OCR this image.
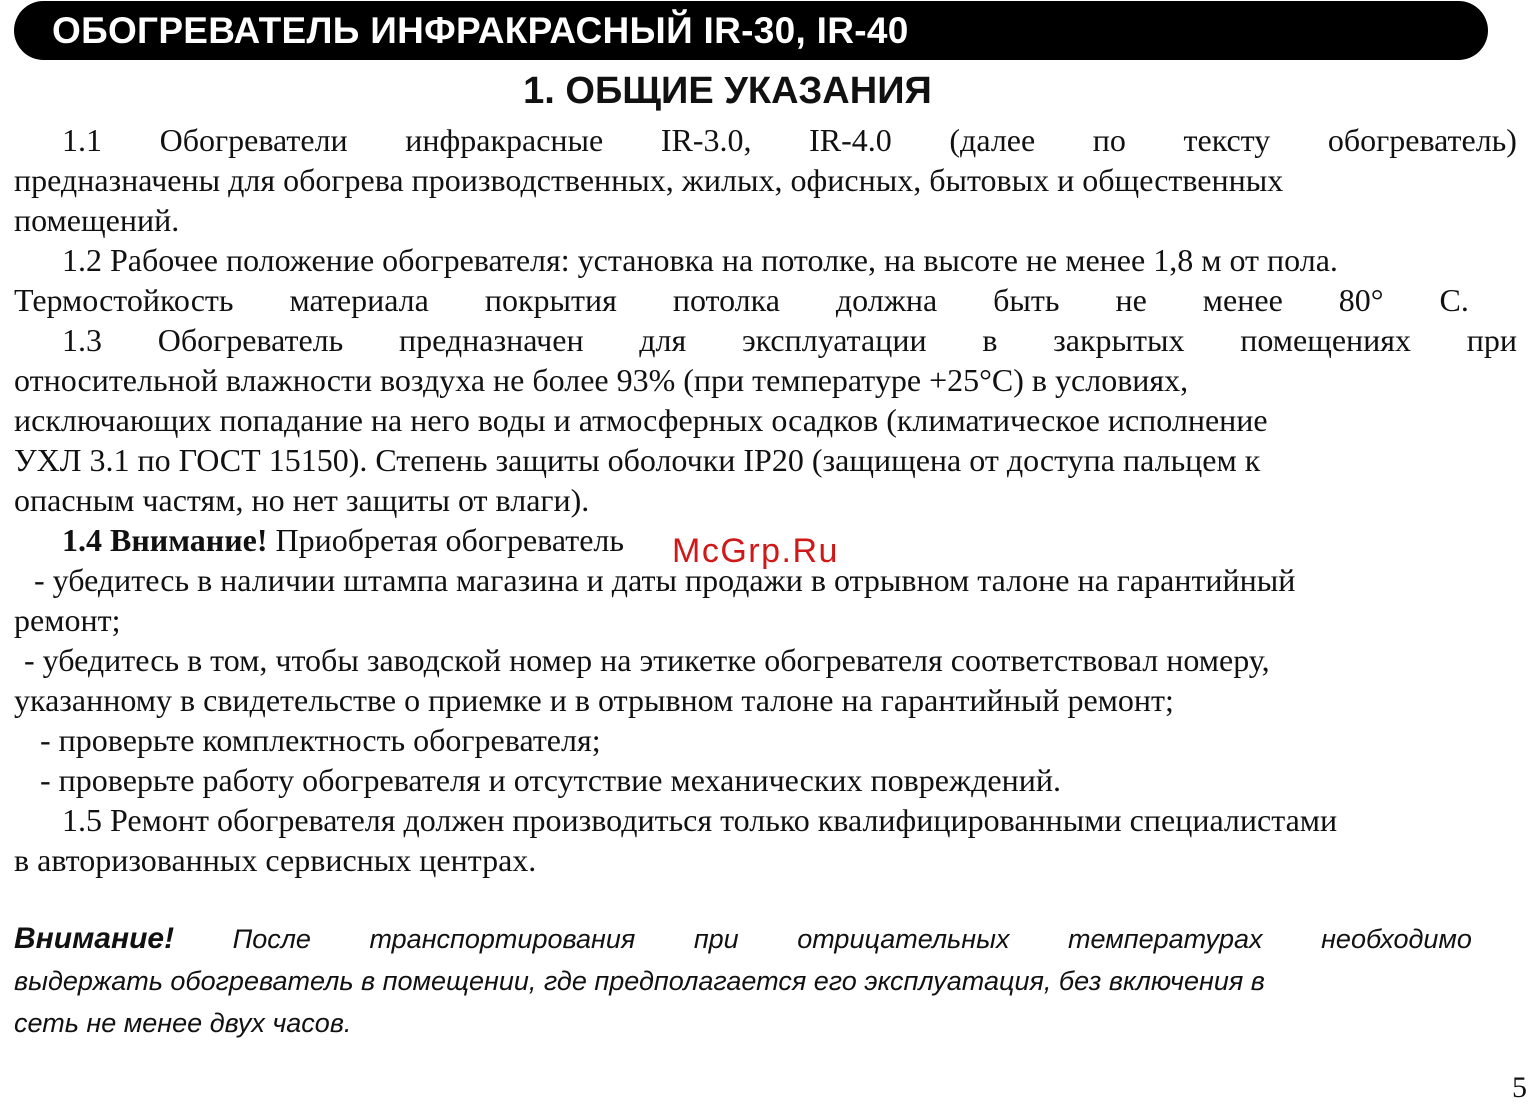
ОБОГРЕВАТЕЛЬ ИНФРАКРАСНЫЙ IR-30, IR-40
1. ОБЩИЕ УКАЗАНИЯ
1.1 Обогреватели инфракрасные IR-3.0, IR-4.0 (далее по тексту обогреватель)
предназначены для обогрева производственных, жилых, офисных, бытовых и общественных
помещений.
1.2 Рабочее положение обогревателя: установка на потолке, на высоте не менее 1,8 м от пола.
Термостойкость материала покрытия потолка должна быть не менее 80° С.
1.3 Обогреватель предназначен для эксплуатации в закрытых помещениях при
относительной влажности воздуха не более 93% (при температуре +25°С) в условиях,
исключающих попадание на него воды и атмосферных осадков (климатическое исполнение
УХЛ 3.1 по ГОСТ 15150). Степень защиты оболочки IP20 (защищена от доступа пальцем к
опасным частям, но нет защиты от влаги).
1.4 Внимание! Приобретая обогреватель
- убедитесь в наличии штампа магазина и даты продажи в отрывном талоне на гарантийный
ремонт;
- убедитесь в том, чтобы заводской номер на этикетке обогревателя соответствовал номеру,
указанному в свидетельстве о приемке и в отрывном талоне на гарантийный ремонт;
- проверьте комплектность обогревателя;
- проверьте работу обогревателя и отсутствие механических повреждений.
1.5 Ремонт обогревателя должен производиться только квалифицированными специалистами
в авторизованных сервисных центрах.
Внимание! После транспортирования при отрицательных температурах необходимо
выдержать обогреватель в помещении, где предполагается его эксплуатация, без включения в
сеть не менее двух часов.
McGrp.Ru
5
